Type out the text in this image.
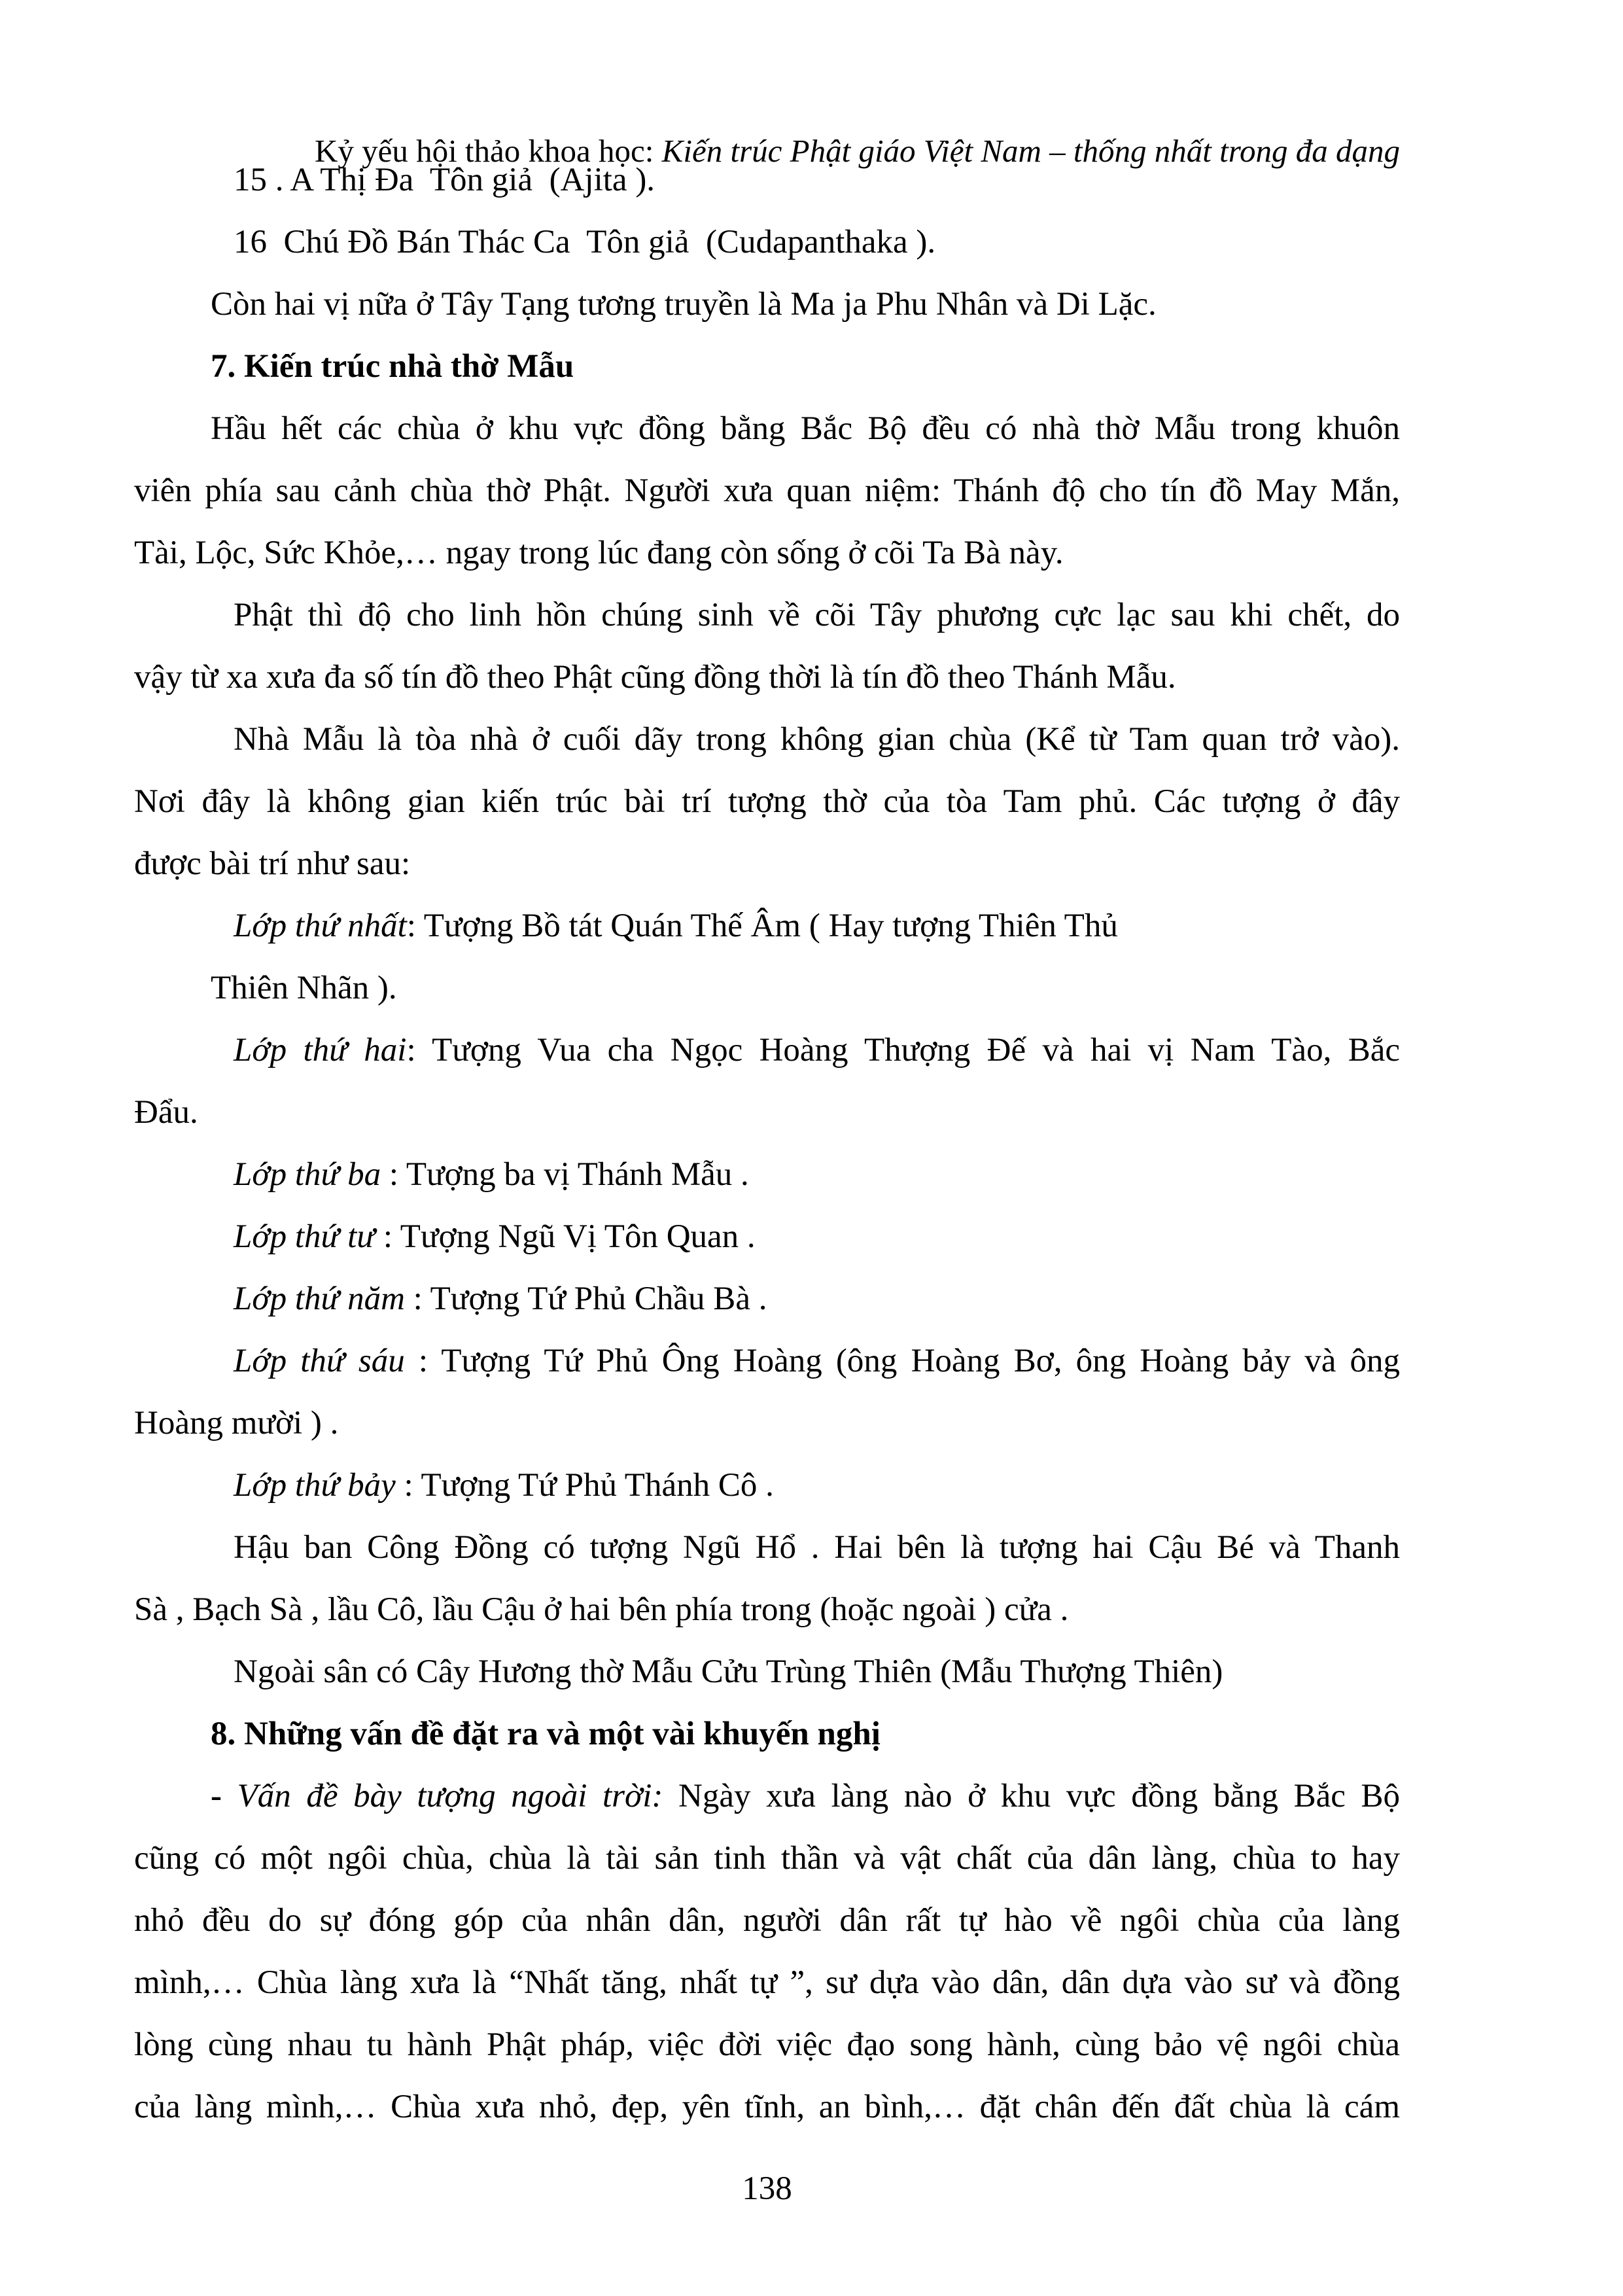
Kỷ yếu hội thảo khoa học: Kiến trúc Phật giáo Việt Nam – thống nhất trong đa dạng

15 . A Thị Đa  Tôn giả  (Ajita ).
16  Chú Đồ Bán Thác Ca  Tôn giả  (Cudapanthaka ).
Còn hai vị nữa ở Tây Tạng tương truyền là Ma ja Phu Nhân và Di Lặc.
7. Kiến trúc nhà thờ Mẫu
Hầu hết các chùa ở khu vực đồng bằng Bắc Bộ đều có nhà thờ Mẫu trong khuôn
viên phía sau cảnh chùa thờ Phật. Người xưa quan niệm: Thánh độ cho tín đồ May Mắn,
Tài, Lộc, Sức Khỏe,… ngay trong lúc đang còn sống ở cõi Ta Bà này.
Phật thì độ cho linh hồn chúng sinh về cõi Tây phương cực lạc sau khi chết, do
vậy từ xa xưa đa số tín đồ theo Phật cũng đồng thời là tín đồ theo Thánh Mẫu.
Nhà Mẫu là tòa nhà ở cuối dãy trong không gian chùa (Kể từ Tam quan trở vào).
Nơi đây là không gian kiến trúc bài trí tượng thờ của tòa Tam phủ. Các tượng ở đây
được bài trí như sau:
Lớp thứ nhất: Tượng Bồ tát Quán Thế Âm ( Hay tượng Thiên Thủ
Thiên Nhãn ).
Lớp thứ hai: Tượng Vua cha Ngọc Hoàng Thượng Đế và hai vị Nam Tào, Bắc
Đẩu.
Lớp thứ ba : Tượng ba vị Thánh Mẫu .
Lớp thứ tư : Tượng Ngũ Vị Tôn Quan .
Lớp thứ năm : Tượng Tứ Phủ Chầu Bà .
Lớp thứ sáu : Tượng Tứ Phủ Ông Hoàng (ông Hoàng Bơ, ông Hoàng bảy và ông
Hoàng mười ) .
Lớp thứ bảy : Tượng Tứ Phủ Thánh Cô .
Hậu ban Công Đồng có tượng Ngũ Hổ . Hai bên là tượng hai Cậu Bé và Thanh
Sà , Bạch Sà , lầu Cô, lầu Cậu ở hai bên phía trong (hoặc ngoài ) cửa .
Ngoài sân có Cây Hương thờ Mẫu Cửu Trùng Thiên (Mẫu Thượng Thiên)
8. Những vấn đề đặt ra và một vài khuyến nghị
- Vấn đề bày tượng ngoài trời: Ngày xưa làng nào ở khu vực đồng bằng Bắc Bộ
cũng có một ngôi chùa, chùa là tài sản tinh thần và vật chất của dân làng, chùa to hay
nhỏ đều do sự đóng góp của nhân dân, người dân rất tự hào về ngôi chùa của làng
mình,… Chùa làng xưa là “Nhất tăng, nhất tự ”, sư dựa vào dân, dân dựa vào sư và đồng
lòng cùng nhau tu hành Phật pháp, việc đời việc đạo song hành, cùng bảo vệ ngôi chùa
của làng mình,… Chùa xưa nhỏ, đẹp, yên tĩnh, an bình,… đặt chân đến đất chùa là cám
138
